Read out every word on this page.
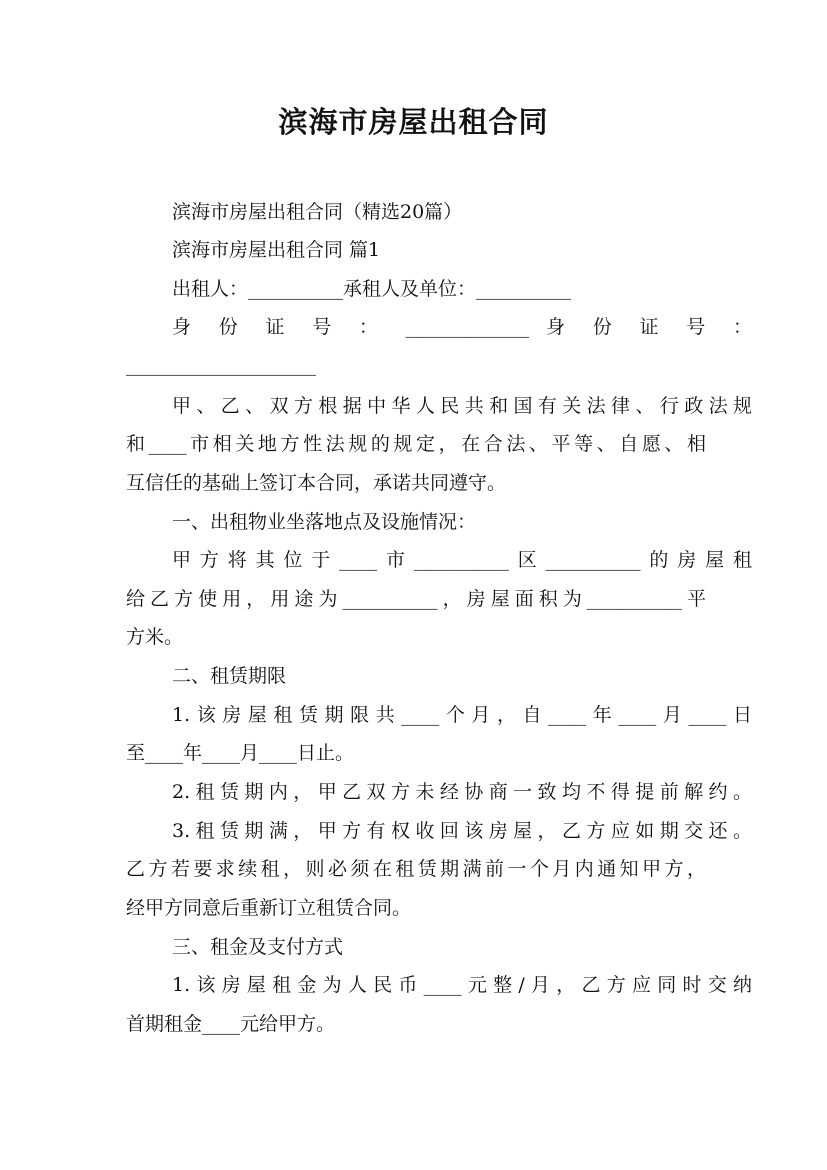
滨海市房屋出租合同
滨海市房屋出租合同（精选20篇）
滨海市房屋出租合同 篇1
出租人：__________承租人及单位：__________
身 份 证 号 ： _____________ 身 份 证 号 ：
____________________
甲、乙、双方根据中华人民共和国有关法律、行政法规
和____市相关地方性法规的规定，在合法、平等、自愿、相
互信任的基础上签订本合同，承诺共同遵守。
一、出租物业坐落地点及设施情况：
甲方将其位于____市__________区__________的房屋租
给乙方使用，用途为__________，房屋面积为__________平
方米。
二、租赁期限
1.该房屋租赁期限共____个月，自____年____月____日
至____年____月____日止。
2.租赁期内，甲乙双方未经协商一致均不得提前解约。
3.租赁期满，甲方有权收回该房屋，乙方应如期交还。
乙方若要求续租，则必须在租赁期满前一个月内通知甲方，
经甲方同意后重新订立租赁合同。
三、租金及支付方式
1.该房屋租金为人民币____元整/月，乙方应同时交纳
首期租金____元给甲方。
